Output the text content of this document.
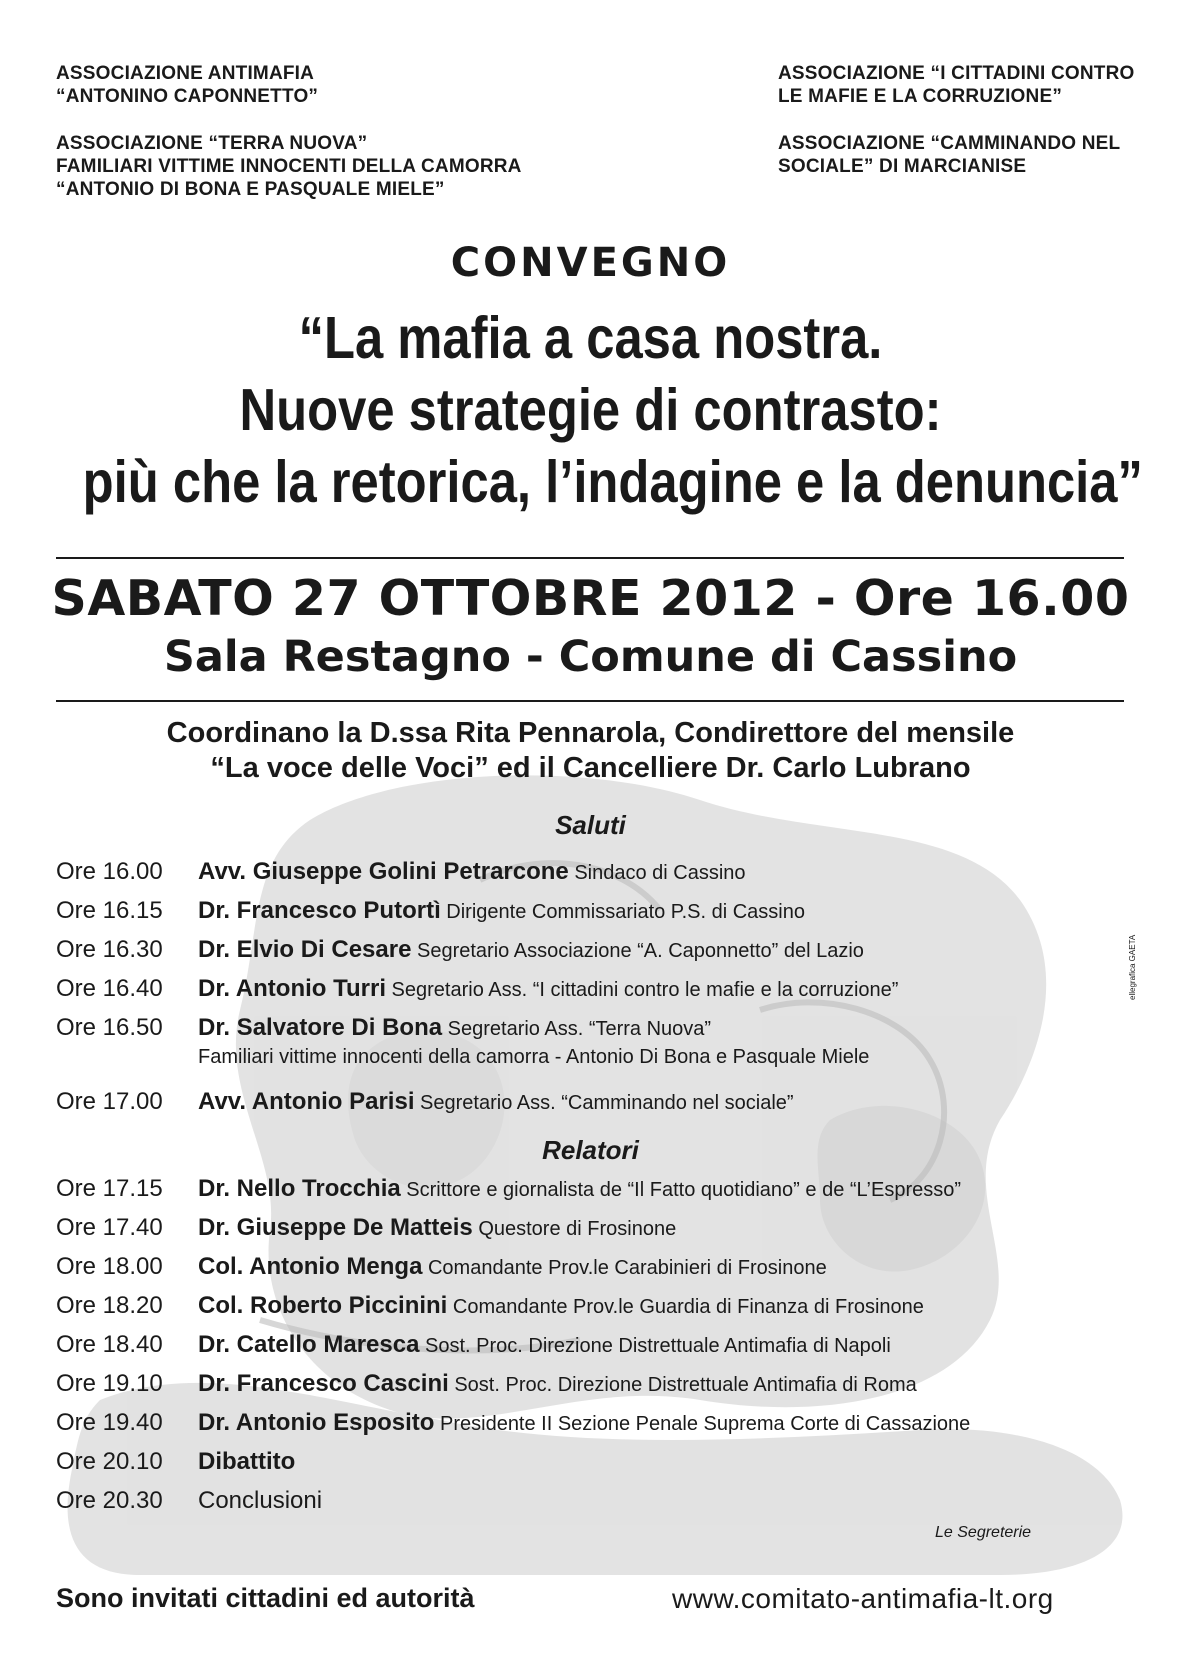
ASSOCIAZIONE ANTIMAFIA

“ANTONINO CAPONNETTO”

ASSOCIAZIONE “TERRA NUOVA”

FAMILIARI VITTIME INNOCENTI DELLA CAMORRA

“ANTONIO DI BONA E PASQUALE MIELE”

ASSOCIAZIONE “I CITTADINI CONTRO

LE MAFIE E LA CORRUZIONE”

ASSOCIAZIONE “CAMMINANDO NEL

SOCIALE” DI MARCIANISE

CONVEGNO

“La mafia a casa nostra.

Nuove strategie di contrasto:

più che la retorica, l’indagine e la denuncia”

SABATO 27 OTTOBRE 2012 - Ore 16.00
Sala Restagno - Comune di Cassino

Coordinano la D.ssa Rita Pennarola, Condirettore del mensile

“La voce delle Voci” ed il Cancelliere Dr. Carlo Lubrano

Saluti
Ore 16.00	Avv. Giuseppe Golini Petrarcone Sindaco di Cassino
Ore 16.15	Dr. Francesco Putortì Dirigente Commissariato P.S. di Cassino
Ore 16.30	Dr. Elvio Di Cesare Segretario Associazione “A. Caponnetto” del Lazio
Ore 16.40	Dr. Antonio Turri Segretario Ass. “I cittadini contro le mafie e la corruzione”
Ore 16.50	Dr. Salvatore Di Bona Segretario Ass. “Terra Nuova”
Familiari vittime innocenti della camorra - Antonio Di Bona e Pasquale Miele
Ore 17.00	Avv. Antonio Parisi Segretario Ass. “Camminando nel sociale”
Relatori
Ore 17.15	Dr. Nello Trocchia Scrittore e giornalista de “Il Fatto quotidiano” e de “L’Espresso”
Ore 17.40	Dr. Giuseppe De Matteis Questore di Frosinone
Ore 18.00	Col. Antonio Menga Comandante Prov.le Carabinieri di Frosinone
Ore 18.20	Col. Roberto Piccinini Comandante Prov.le Guardia di Finanza di Frosinone
Ore 18.40	Dr. Catello Maresca Sost. Proc. Direzione Distrettuale Antimafia di Napoli
Ore 19.10	Dr. Francesco Cascini Sost. Proc. Direzione Distrettuale Antimafia di Roma
Ore 19.40	Dr. Antonio Esposito Presidente II Sezione Penale Suprema Corte di Cassazione
Ore 20.10	Dibattito
Ore 20.30	Conclusioni
Le Segreterie
Sono invitati cittadini ed autorità	www.comitato-antimafia-lt.org
ellegrafica GAETA
